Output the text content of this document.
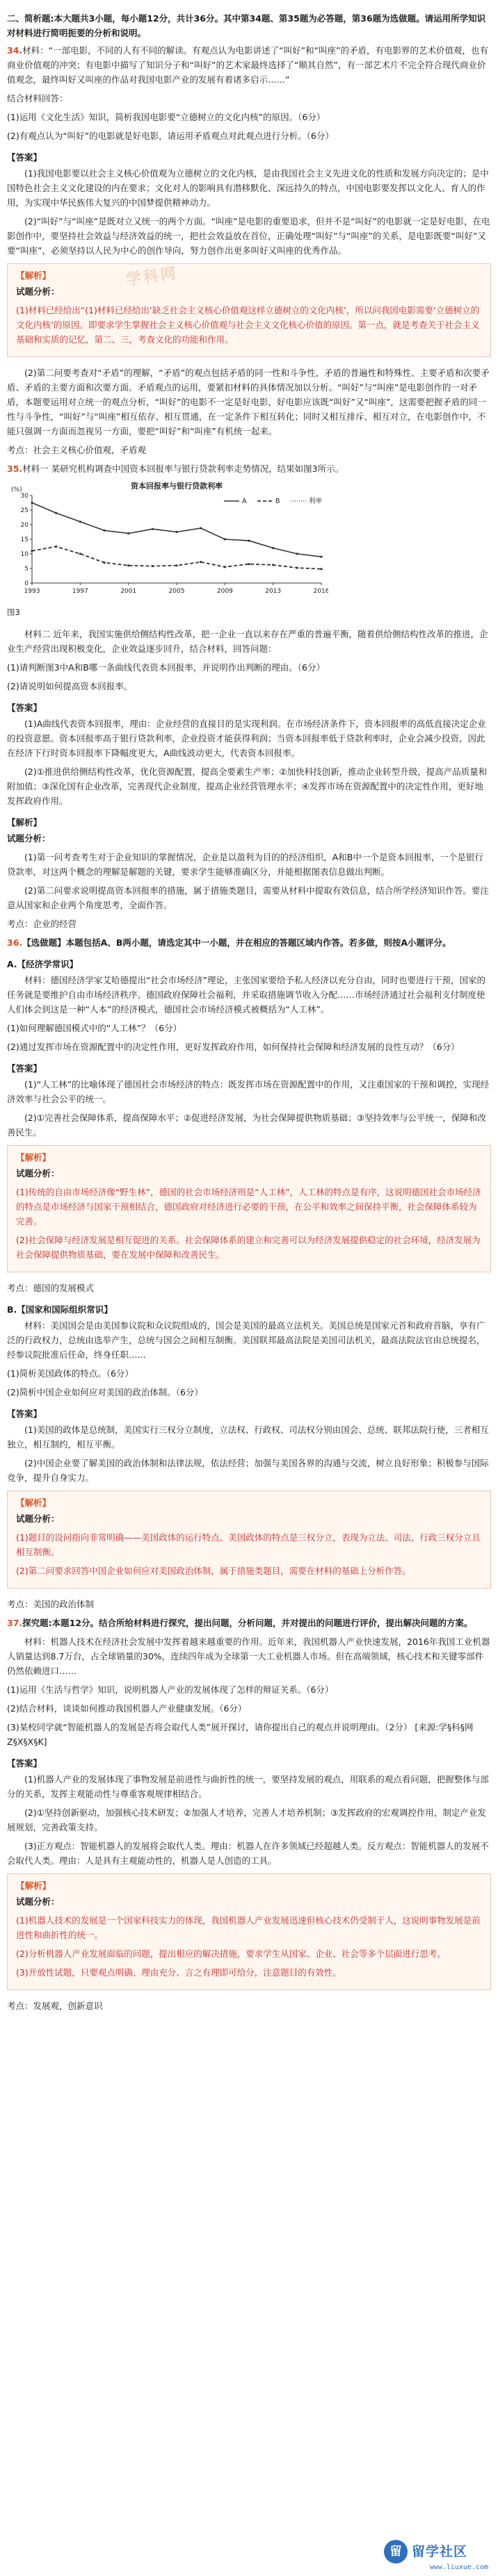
二、简析题:本大题共3小题，每小题12分，共计36分。其中第34题、第35题为必答题，第36题为选做题。请运用所学知识对材料进行简明扼要的分析和说明。

34.材料：“一部电影，不同的人有不同的解读。有观点认为电影讲述了“叫好”和“叫座”的矛盾，有电影界的艺术价值观，也有商业价值观的冲突；有电影中描写了知识分子和“叫好”的艺术家最终选择了“顺其自然”，有一部艺术片不完全符合现代商业价值观念，最终叫好又叫座的作品对我国电影产业的发展有着诸多启示……”

结合材料回答：

(1)运用《文化生活》知识，简析我国电影要“立德树立的文化内核”的原因。（6分）

(2)有观点认为“叫好”的电影就是好电影，请运用矛盾观点对此观点进行分析。（6分）

【答案】

(1)我国电影要以社会主义核心价值观为立德树立的文化内核，是由我国社会主义先进文化的性质和发展方向决定的；是中国特色社会主义文化建设的内在要求；文化对人的影响具有潜移默化、深远持久的特点，中国电影要发挥以文化人、育人的作用，为实现中华民族伟大复兴的中国梦提供精神动力。

(2)“叫好”与“叫座”是既对立又统一的两个方面。“叫座”是电影的重要追求，但并不是“叫好”的电影就一定是好电影，在电影创作中，要坚持社会效益与经济效益的统一，把社会效益放在首位，正确处理“叫好”与“叫座”的关系，是电影既要“叫好”又要“叫座”，必须坚持以人民为中心的创作导向，努力创作出更多叫好又叫座的优秀作品。

学科网

【解析】

试题分析：

(1)材料已经给出“(1)材料已经给出‘缺乏社会主义核心价值观这样立德树立的文化内核’，所以问我国电影需要‘立德树立的文化内核’的原因。即要求学生掌握社会主义核心价值观与社会主义文化核心价值的原因。第一点，就是考查关于社会主义基础和实质的记忆，第二、三，考查文化的功能和作用。

(2)第二问要考查对“矛盾”的理解，“矛盾”的观点包括矛盾的同一性和斗争性，矛盾的普遍性和特殊性、主要矛盾和次要矛盾、矛盾的主要方面和次要方面。矛盾观点的运用，要紧扣材料的具体情况加以分析。“叫好”与“叫座”是电影创作的一对矛盾，本题要运用对立统一的观点分析，“叫好”的电影不一定是好电影，好电影应该既“叫好”又“叫座”，这需要把握矛盾的同一性与斗争性，“叫好”与“叫座”相互依存、相互贯通，在一定条件下相互转化；同时又相互排斥、相互对立，在电影创作中，不能只强调一方面而忽视另一方面，要把“叫好”和“叫座”有机统一起来。

考点：社会主义核心价值观，矛盾观

35.材料一 某研究机构调查中国资本回报率与银行贷款利率走势情况，结果如图3所示。

资本回报率与银行贷款利率
(%)
0
5
10
15
20
25
30
1993	1997	2001	2005	2009	2013	2016
A	B	利率

图3

材料二 近年来，我国实施供给侧结构性改革，把一企业一直以来存在严重的普遍平衡，随着供给侧结构性改革的推进，企业生产经营出现积极变化，企业效益逐步回升，结合材料，回答问题：

(1)请判断图3中A和B哪一条曲线代表资本回报率，并说明作出判断的理由。（6分）

(2)请说明如何提高资本回报率。

【答案】

(1)A曲线代表资本回报率，理由：企业经营的直接目的是实现利润。在市场经济条件下，资本回报率的高低直接决定企业的投资意愿。资本回报率高于银行贷款利率，企业投资才能获得利润；当资本回报率低于贷款利率时，企业会减少投资，因此在经济下行时资本回报率下降幅度更大，A曲线波动更大，代表资本回报率。

(2)①推进供给侧结构性改革，优化资源配置，提高全要素生产率；②加快科技创新，推动企业转型升级，提高产品质量和附加值；③深化国有企业改革，完善现代企业制度，提高企业经营管理水平；④发挥市场在资源配置中的决定性作用，更好地发挥政府作用。

【解析】

试题分析：

(1)第一问考查考生对于企业知识的掌握情况，企业是以盈利为目的的经济组织，A和B中一个是资本回报率，一个是银行贷款率，对这两个概念的理解是解题的关键，要求学生能够准确区分，并能根据图表信息做出判断。

(2)第二问要求说明提高资本回报率的措施，属于措施类题目，需要从材料中提取有效信息，结合所学经济知识作答。要注意从国家和企业两个角度思考，全面作答。

考点：企业的经营

36.【选做题】本题包括A、B两小题，请选定其中一小题，并在相应的答题区域内作答。若多做，则按A小题评分。

A.【经济学常识】

材料：德国经济学家艾哈德提出“社会市场经济”理论，主张国家要给予私人经济以充分自由，同时也要进行干预，国家的任务就是要维护自由市场经济秩序。德国政府保障社会福利，并采取措施调节收入分配……市场经济通过社会福利支付制度使人们体会到这是一种“人本”的经济模式，德国社会市场经济模式被概括为“人工林”。

(1)如何理解德国模式中的“人工林”？（6分）

(2)通过发挥市场在资源配置中的决定性作用，更好发挥政府作用，如何保持社会保障和经济发展的良性互动？（6分）

【答案】

(1)“人工林”的比喻体现了德国社会市场经济的特点：既发挥市场在资源配置中的作用，又注重国家的干预和调控，实现经济效率与社会公平的统一。

(2)①完善社会保障体系，提高保障水平；②促进经济发展，为社会保障提供物质基础；③坚持效率与公平统一，保障和改善民生。

【解析】

试题分析：

(1)传统的自由市场经济像“野生林”，德国的社会市场经济则是“人工林”，人工林的特点是有序，这说明德国社会市场经济的特点是市场经济与国家干预相结合，德国政府对经济进行必要的干预，在公平和效率之间保持平衡，社会保障体系较为完善。

(2)社会保障与经济发展是相互促进的关系。社会保障体系的建立和完善可以为经济发展提供稳定的社会环境，经济发展为社会保障提供物质基础，要在发展中保障和改善民生。

考点：德国的发展模式

B.【国家和国际组织常识】

材料：美国国会是由美国参议院和众议院组成的，国会是美国的最高立法机关。美国总统是国家元首和政府首脑，享有广泛的行政权力，总统由选举产生，总统与国会之间相互制衡。美国联邦最高法院是美国司法机关，最高法院法官由总统提名，经参议院批准后任命，终身任职……

(1)简析美国政体的特点。（6分）

(2)简析中国企业如何应对美国的政治体制。（6分）

【答案】

(1)美国的政体是总统制，美国实行三权分立制度，立法权、行政权、司法权分别由国会、总统、联邦法院行使，三者相互独立，相互制约，相互平衡。

(2)中国企业要了解美国的政治体制和法律法规，依法经营；加强与美国各界的沟通与交流，树立良好形象；积极参与国际竞争，提升自身实力。

【解析】

试题分析：

(1)题目的设问指向非常明确——美国政体的运行特点。美国政体的特点是三权分立，表现为立法、司法、行政三权分立且相互制衡。

(2)第二问要求回答中国企业如何应对美国政治体制，属于措施类题目，需要在材料的基础上分析作答。

考点：美国的政治体制

37.探究题:本题12分。结合所给材料进行探究，提出问题，分析问题，并对提出的问题进行评价，提出解决问题的方案。

材料：机器人技术在经济社会发展中发挥着越来越重要的作用。近年来，我国机器人产业快速发展，2016年我国工业机器人销量达到8.7万台，占全球销量的30%，连续四年成为全球第一大工业机器人市场。但在高端领域，核心技术和关键零部件仍然依赖进口……

(1)运用《生活与哲学》知识，说明机器人产业的发展体现了怎样的辩证关系。（6分）

(2)结合材料，谈谈如何推动我国机器人产业健康发展。（6分）

(3)某校同学就“智能机器人的发展是否将会取代人类”展开探讨，请你提出自己的观点并说明理由。（2分） [来源:学§科§网Z§X§X§K]

【答案】

(1)机器人产业的发展体现了事物发展是前进性与曲折性的统一，要坚持发展的观点，用联系的观点看问题，把握整体与部分的关系，发挥主观能动性与尊重客观规律相结合。

(2)①坚持创新驱动，加强核心技术研发；②加强人才培养，完善人才培养机制；③发挥政府的宏观调控作用，制定产业发展规划，完善政策支持。

(3)正方观点：智能机器人的发展将会取代人类。理由：机器人在许多领域已经超越人类。反方观点：智能机器人的发展不会取代人类。理由：人是具有主观能动性的，机器人是人创造的工具。

【解析】

试题分析：

(1)机器人技术的发展是一个国家科技实力的体现，我国机器人产业发展迅速但核心技术仍受制于人，这说明事物发展是前进性和曲折性的统一。

(2)分析机器人产业发展面临的问题，提出相应的解决措施，要求学生从国家、企业、社会等多个层面进行思考。

(3)开放性试题，只要观点明确、理由充分、言之有理即可给分，注意题目的有效性。

考点：发展观，创新意识

留 留学社区
www.liuxue.com
